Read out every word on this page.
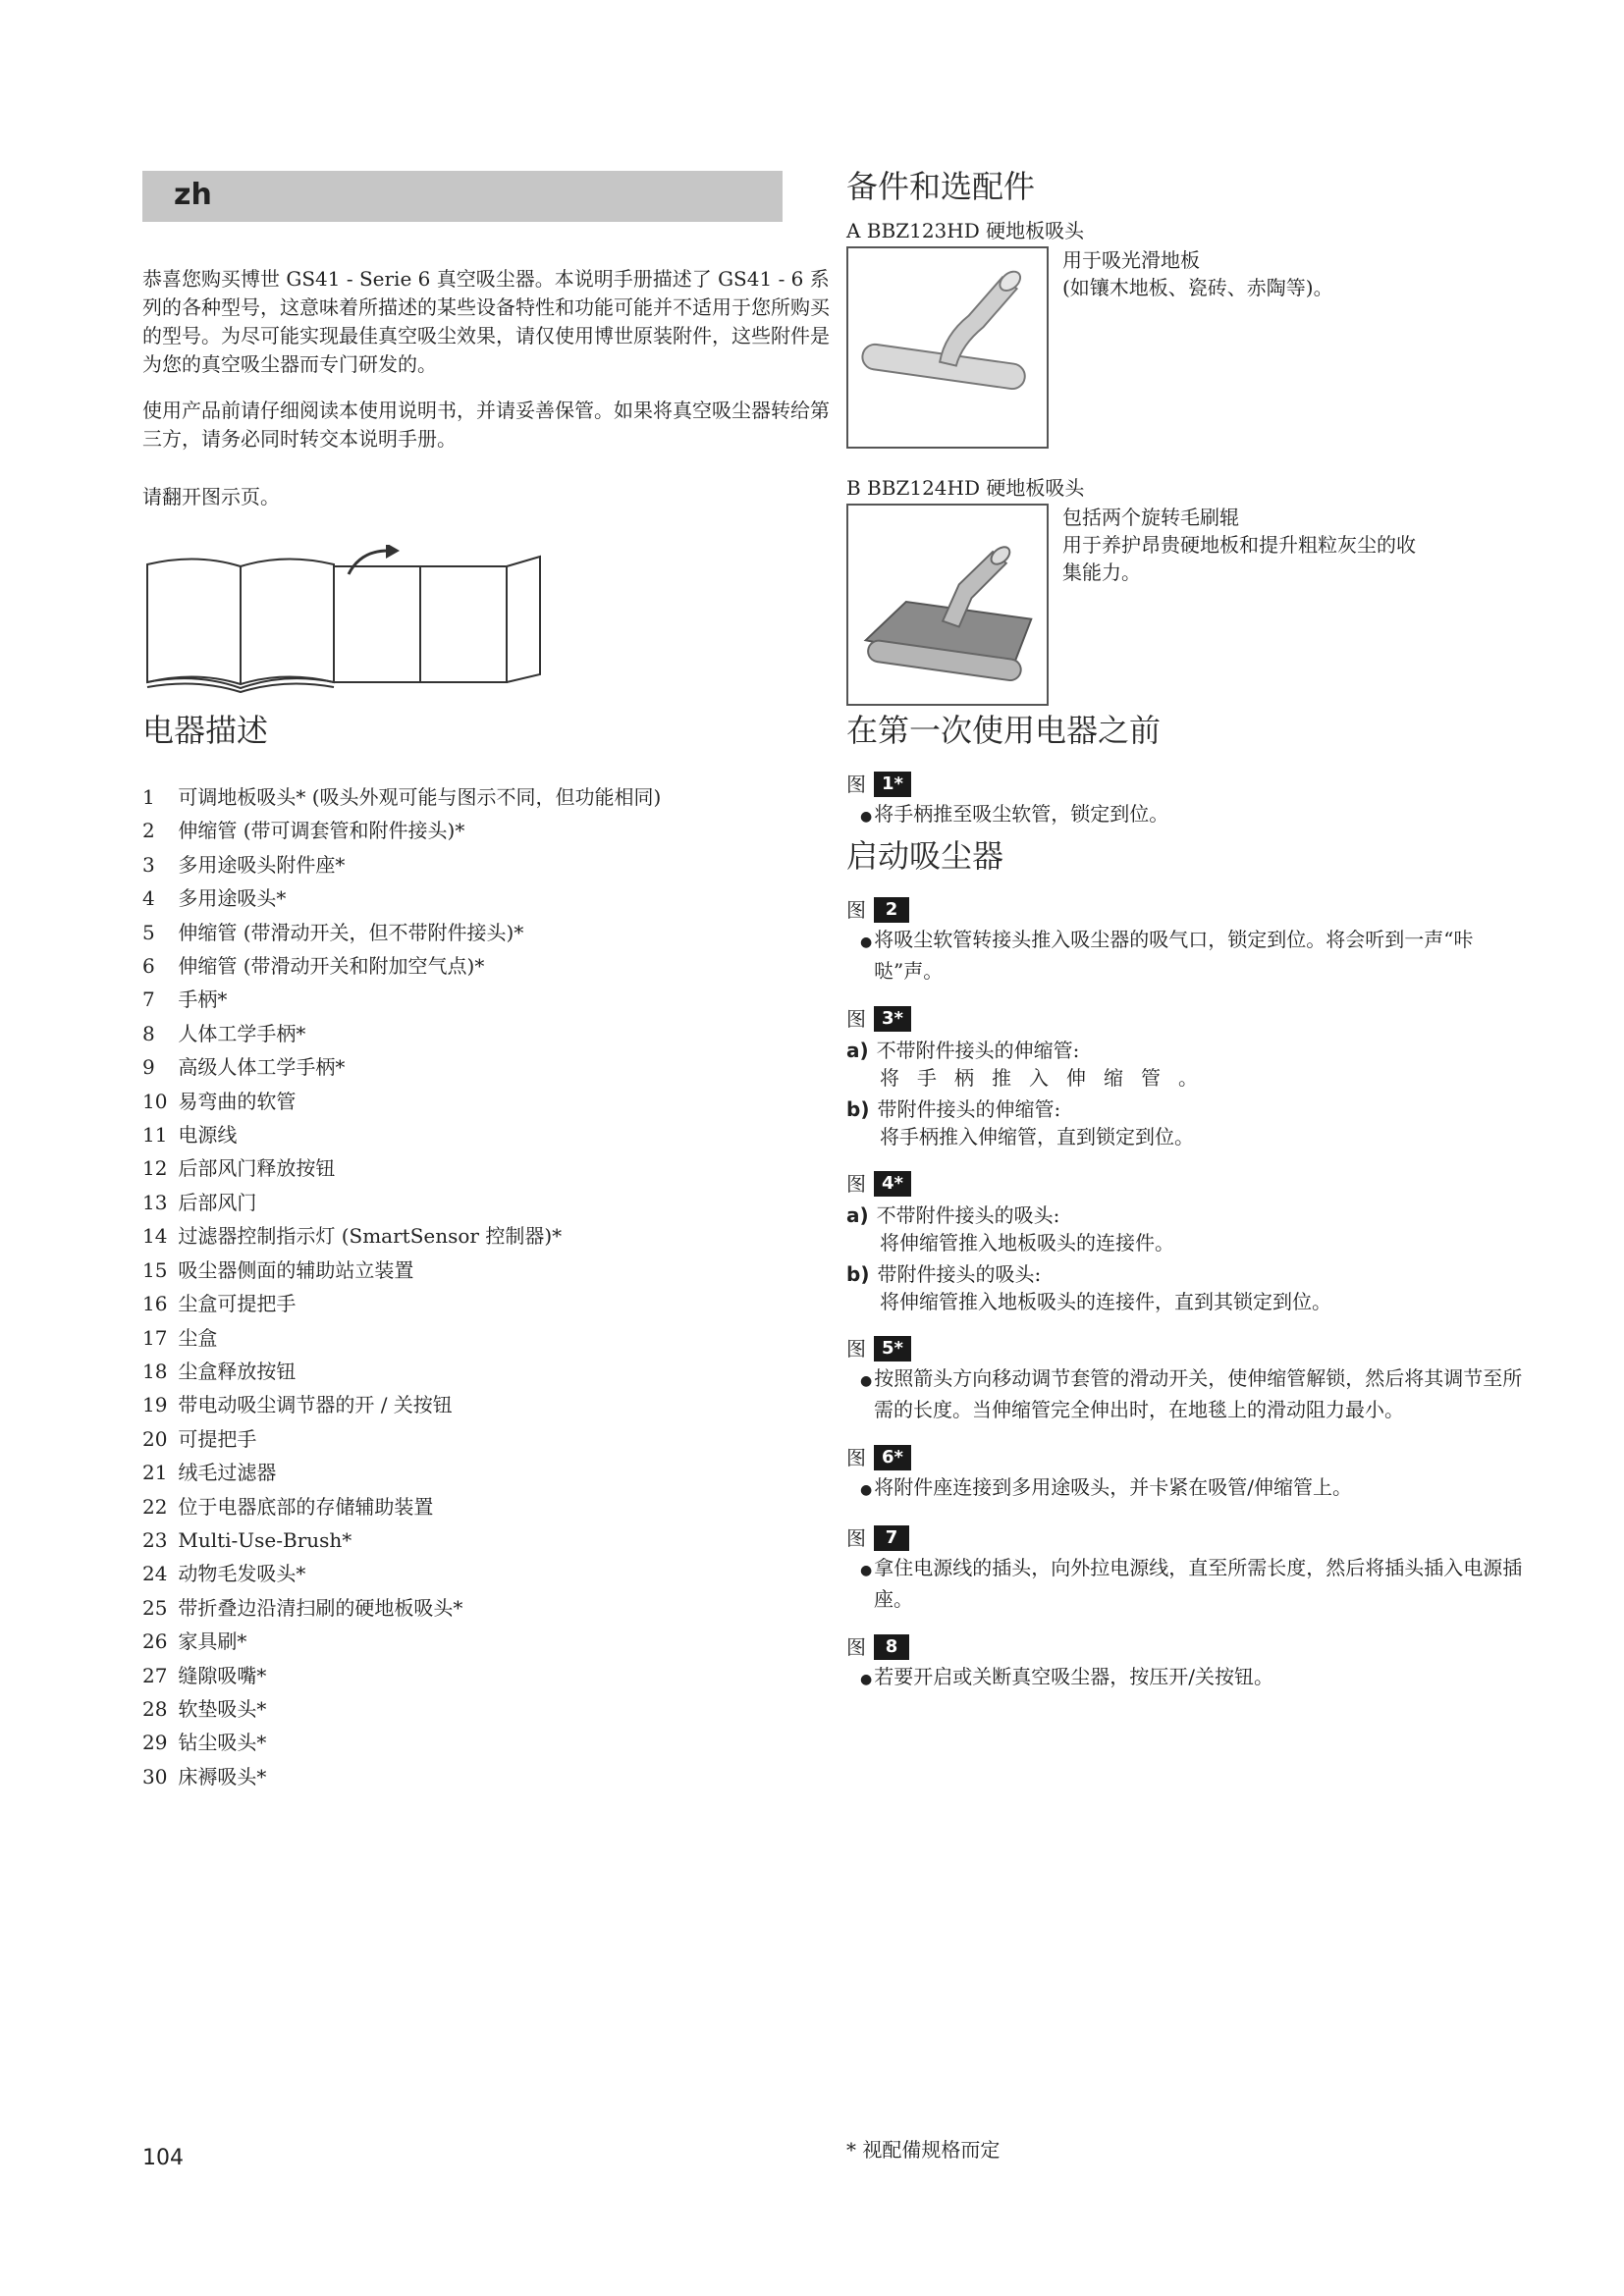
zh

恭喜您购买博世 GS41 - Serie 6 真空吸尘器。本说明手册描述了 GS41 - 6 系列的各种型号，这意味着所描述的某些设备特性和功能可能并不适用于您所购买的型号。为尽可能实现最佳真空吸尘效果，请仅使用博世原装附件，这些附件是为您的真空吸尘器而专门研发的。

使用产品前请仔细阅读本使用说明书，并请妥善保管。如果将真空吸尘器转给第三方，请务必同时转交本说明手册。

请翻开图示页。

电器描述
1 可调地板吸头* (吸头外观可能与图示不同，但功能相同)
2 伸缩管 (带可调套管和附件接头)*
3 多用途吸头附件座*
4 多用途吸头*
5 伸缩管 (带滑动开关，但不带附件接头)*
6 伸缩管 (带滑动开关和附加空气点)*
7 手柄*
8 人体工学手柄*
9 高级人体工学手柄*
10 易弯曲的软管
11 电源线
12 后部风门释放按钮
13 后部风门
14 过滤器控制指示灯 (SmartSensor 控制器)*
15 吸尘器侧面的辅助站立装置
16 尘盒可提把手
17 尘盒
18 尘盒释放按钮
19 带电动吸尘调节器的开 / 关按钮
20 可提把手
21 绒毛过滤器
22 位于电器底部的存储辅助装置
23 Multi-Use-Brush*
24 动物毛发吸头*
25 带折叠边沿清扫刷的硬地板吸头*
26 家具刷*
27 缝隙吸嘴*
28 软垫吸头*
29 钻尘吸头*
30 床褥吸头*
104
备件和选配件
A BBZ123HD 硬地板吸头
用于吸光滑地板
(如镶木地板、瓷砖、赤陶等)。
B BBZ124HD 硬地板吸头
包括两个旋转毛刷辊
用于养护昂贵硬地板和提升粗粒灰尘的收
集能力。
在第一次使用电器之前
图 1*
● 将手柄推至吸尘软管，锁定到位。
启动吸尘器
图	2
● 将吸尘软管转接头推入吸尘器的吸气口，锁定到位。将会听到一声“咔哒”声。
图 3*
a) 不带附件接头的伸缩管:
将手柄推入伸缩管。
b) 带附件接头的伸缩管:
将手柄推入伸缩管，直到锁定到位。
图 4*
a) 不带附件接头的吸头:
将伸缩管推入地板吸头的连接件。
b) 带附件接头的吸头:
将伸缩管推入地板吸头的连接件，直到其锁定到位。
图 5*
● 按照箭头方向移动调节套管的滑动开关，使伸缩管解锁，然后将其调节至所需的长度。当伸缩管完全伸出时，在地毯上的滑动阻力最小。
图 6*
● 将附件座连接到多用途吸头，并卡紧在吸管/伸缩管上。
图	7
● 拿住电源线的插头，向外拉电源线，直至所需长度，然后将插头插入电源插座。
图	8
● 若要开启或关断真空吸尘器，按压开/关按钮。
* 视配備规格而定
